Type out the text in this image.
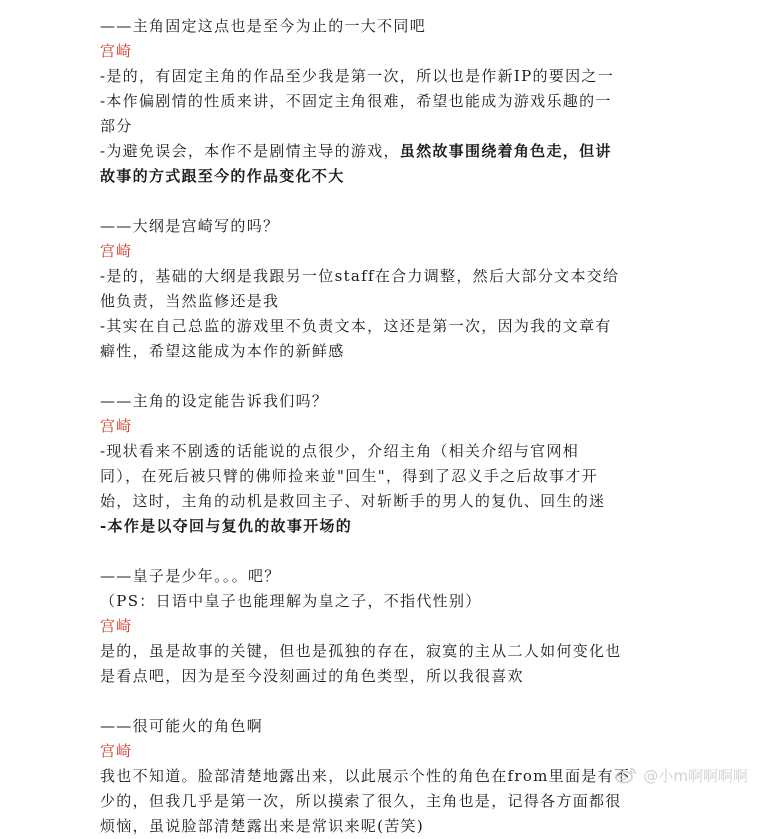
——主角固定这点也是至今为止的一大不同吧
宫崎
-是的，有固定主角的作品至少我是第一次，所以也是作新IP的要因之一
-本作偏剧情的性质来讲，不固定主角很难，希望也能成为游戏乐趣的一
部分
-为避免误会，本作不是剧情主导的游戏，虽然故事围绕着角色走，但讲
故事的方式跟至今的作品变化不大
——大纲是宫崎写的吗？
宫崎
-是的，基础的大纲是我跟另一位staff在合力调整，然后大部分文本交给
他负责，当然监修还是我
-其实在自己总监的游戏里不负责文本，这还是第一次，因为我的文章有
癖性，希望这能成为本作的新鲜感
——主角的设定能告诉我们吗？
宫崎
-现状看来不剧透的话能说的点很少，介绍主角（相关介绍与官网相
同），在死后被只臂的佛师捡来並"回生"，得到了忍义手之后故事才开
始，这时，主角的动机是救回主子、对斩断手的男人的复仇、回生的迷
-本作是以夺回与复仇的故事开场的
——皇子是少年。。。吧？
（PS：日语中皇子也能理解为皇之子，不指代性别）
宫崎
是的，虽是故事的关键，但也是孤独的存在，寂寞的主从二人如何变化也
是看点吧，因为是至今没刻画过的角色类型，所以我很喜欢
——很可能火的角色啊
宫崎
我也不知道。脸部清楚地露出来，以此展示个性的角色在from里面是有不
少的，但我几乎是第一次，所以摸索了很久，主角也是，记得各方面都很
烦恼，虽说脸部清楚露出来是常识来呢(苦笑)
@小m啊啊啊啊
